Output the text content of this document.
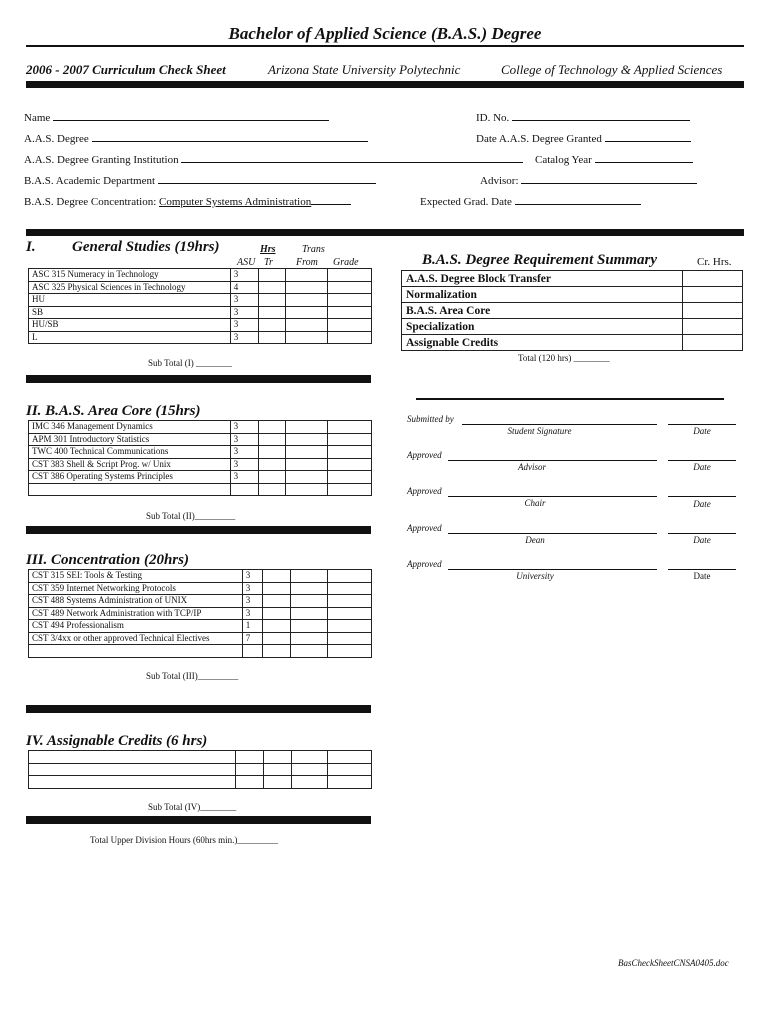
Bachelor of Applied Science (B.A.S.) Degree
2006 - 2007 Curriculum Check Sheet	Arizona State University Polytechnic	College of Technology & Applied Sciences
Name	ID. No.
A.A.S. Degree	Date A.A.S. Degree Granted
A.A.S. Degree Granting Institution	Catalog Year
B.A.S. Academic Department	Advisor:
B.A.S. Degree Concentration: Computer Systems Administration	Expected Grad. Date
I. General Studies (19hrs)	Hrs	Trans
ASU Tr From Grade
ASC 315 Numeracy in Technology	3			
ASC 325 Physical Sciences in Technology	4			
HU	3			
SB	3			
HU/SB	3			
L	3			
Sub Total (I) ________
II. B.A.S. Area Core (15hrs)
IMC 346 Management Dynamics	3			
APM 301 Introductory Statistics	3			
TWC 400 Technical Communications	3			
CST 383 Shell & Script Prog. w/ Unix	3			
CST 386 Operating Systems Principles	3			

Sub Total (II)_________
III. Concentration (20hrs)
CST 315 SEI: Tools & Testing	3			
CST 359 Internet Networking Protocols	3			
CST 488 Systems Administration of UNIX	3			
CST 489 Network Administration with TCP/IP	3			
CST 494 Professionalism	1			
CST 3/4xx or other approved Technical Electives	7			

Sub Total (III)_________
IV. Assignable Credits (6 hrs)

Sub Total (IV)________
Total Upper Division Hours (60hrs min.)_________
B.A.S. Degree Requirement Summary	Cr. Hrs.
A.A.S. Degree Block Transfer	
Normalization	
B.A.S. Area Core	
Specialization	
Assignable Credits	
Total (120 hrs) ________
Submitted by
Student Signature	Date
Approved
Advisor	Date
Approved
Chair	Date
Approved
Dean	Date
Approved
University	Date
BasCheckSheetCNSA0405.doc
